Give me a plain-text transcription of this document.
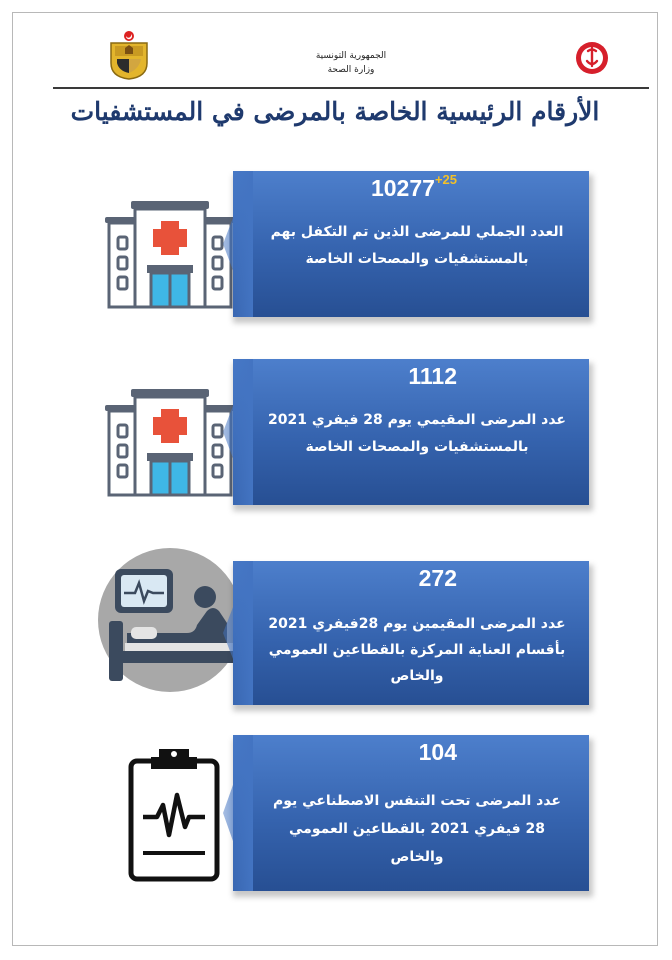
الجمهورية التونسية
وزارة الصحة
الأرقام الرئيسية الخاصة بالمرضى في المستشفيات
$10277^{+25}$
العدد الجملي للمرضى الذين تم التكفل بهم بالمستشفيات والمصحات الخاصة
1112
عدد المرضى المقيمي يوم 28 فيفري 2021 بالمستشفيات والمصحات الخاصة
272
عدد المرضى المقيمين يوم 28فيفري 2021 بأقسام العناية المركزة بالقطاعين العمومي والخاص
104
عدد المرضى تحت التنفس الاصطناعي يوم 28 فيفري 2021 بالقطاعين العمومي والخاص
